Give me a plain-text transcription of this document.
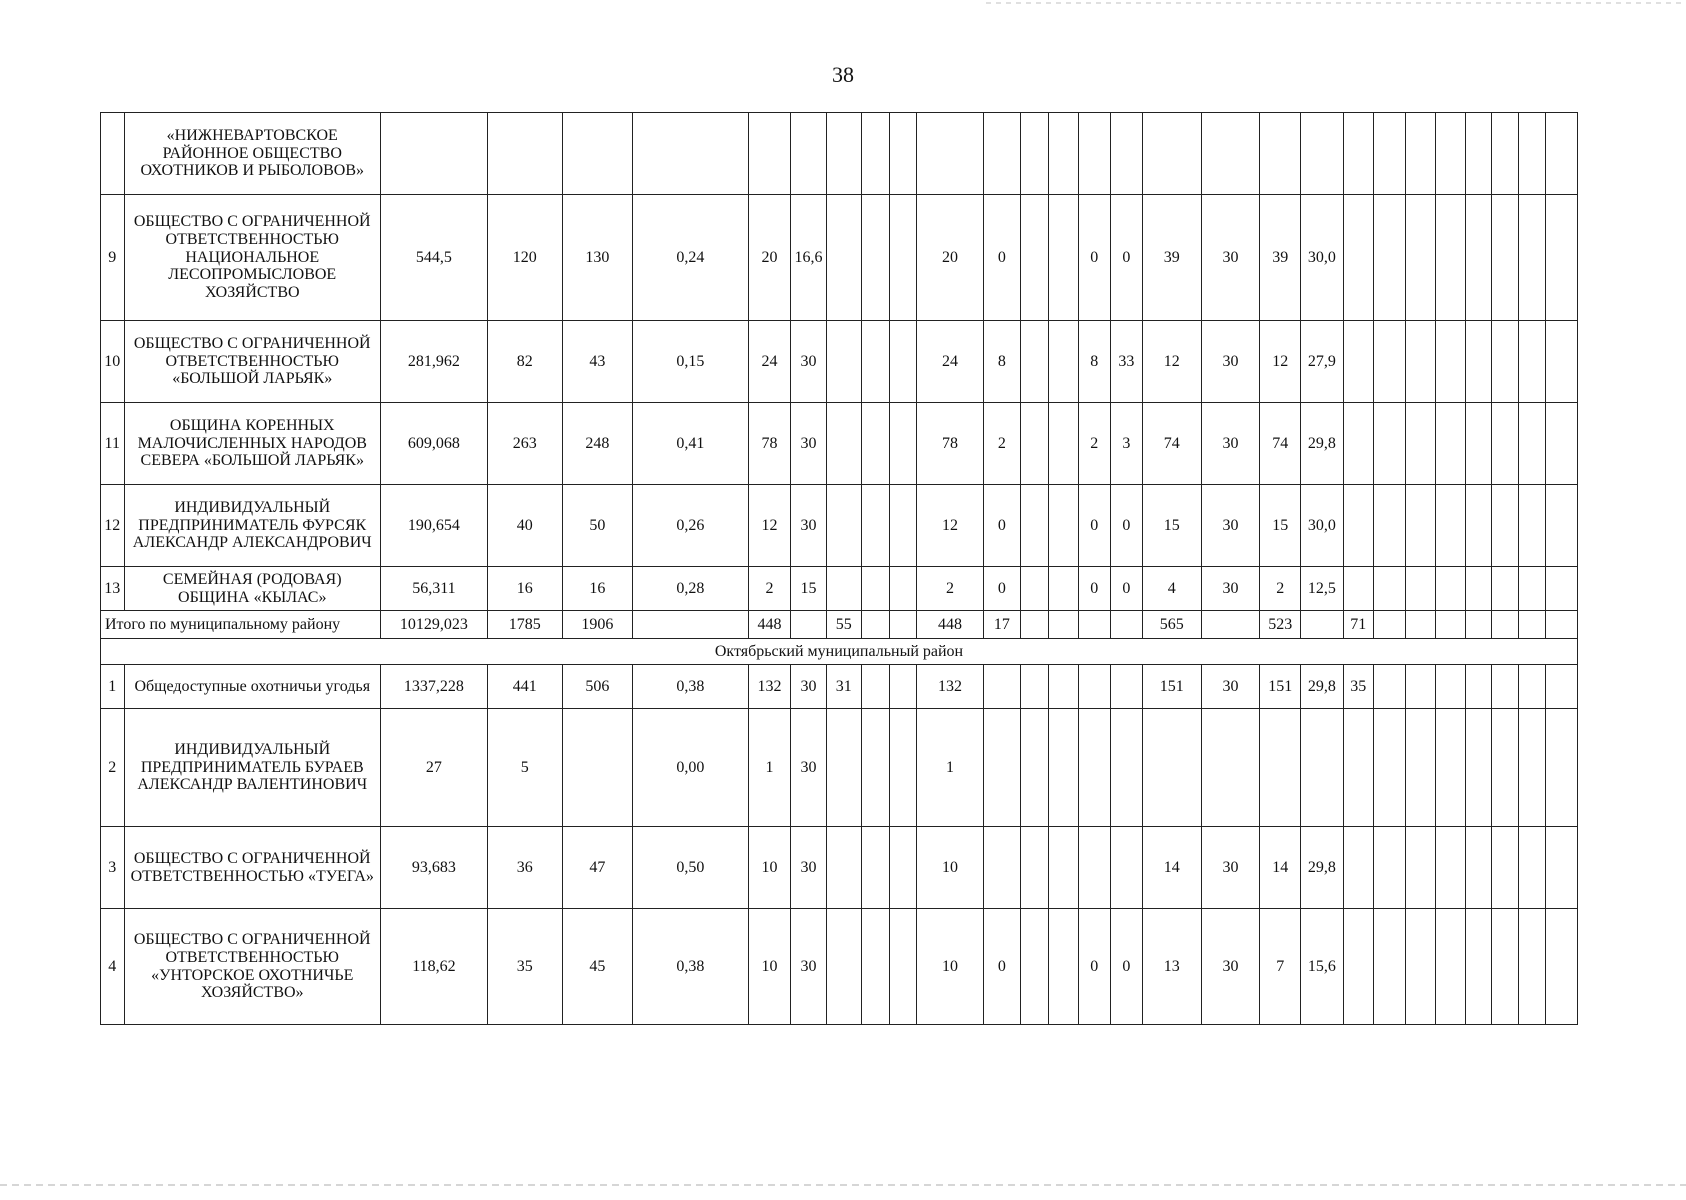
38
	«НИЖНЕВАРТОВСКОЕ РАЙОННОЕ ОБЩЕСТВО ОХОТНИКОВ И РЫБОЛОВОВ»																											
9	ОБЩЕСТВО С ОГРАНИЧЕННОЙ ОТВЕТСТВЕННОСТЬЮ НАЦИОНАЛЬНОЕ ЛЕСОПРОМЫСЛОВОЕ ХОЗЯЙСТВО	544,5	120	130	0,24	20	16,6				20	0			0	0	39	30	39	30,0								
10	ОБЩЕСТВО С ОГРАНИЧЕННОЙ ОТВЕТСТВЕННОСТЬЮ «БОЛЬШОЙ ЛАРЬЯК»	281,962	82	43	0,15	24	30				24	8			8	33	12	30	12	27,9								
11	ОБЩИНА КОРЕННЫХ МАЛОЧИСЛЕННЫХ НАРОДОВ СЕВЕРА «БОЛЬШОЙ ЛАРЬЯК»	609,068	263	248	0,41	78	30				78	2			2	3	74	30	74	29,8								
12	ИНДИВИДУАЛЬНЫЙ ПРЕДПРИНИМАТЕЛЬ ФУРСЯК АЛЕКСАНДР АЛЕКСАНДРОВИЧ	190,654	40	50	0,26	12	30				12	0			0	0	15	30	15	30,0								
13	СЕМЕЙНАЯ (РОДОВАЯ) ОБЩИНА «КЫЛАС»	56,311	16	16	0,28	2	15				2	0			0	0	4	30	2	12,5								
Итого по муниципальному району		10129,023	1785	1906		448		55			448	17					565		523		71							
Октябрьский муниципальный район																												
1	Общедоступные охотничьи угодья	1337,228	441	506	0,38	132	30	31			132						151	30	151	29,8	35							
2	ИНДИВИДУАЛЬНЫЙ ПРЕДПРИНИМАТЕЛЬ БУРАЕВ АЛЕКСАНДР ВАЛЕНТИНОВИЧ	27	5		0,00	1	30				1																	
3	ОБЩЕСТВО С ОГРАНИЧЕННОЙ ОТВЕТСТВЕННОСТЬЮ «ТУЕГА»	93,683	36	47	0,50	10	30				10						14	30	14	29,8								
4	ОБЩЕСТВО С ОГРАНИЧЕННОЙ ОТВЕТСТВЕННОСТЬЮ «УНТОРСКОЕ ОХОТНИЧЬЕ ХОЗЯЙСТВО»	118,62	35	45	0,38	10	30				10	0			0	0	13	30	7	15,6								
